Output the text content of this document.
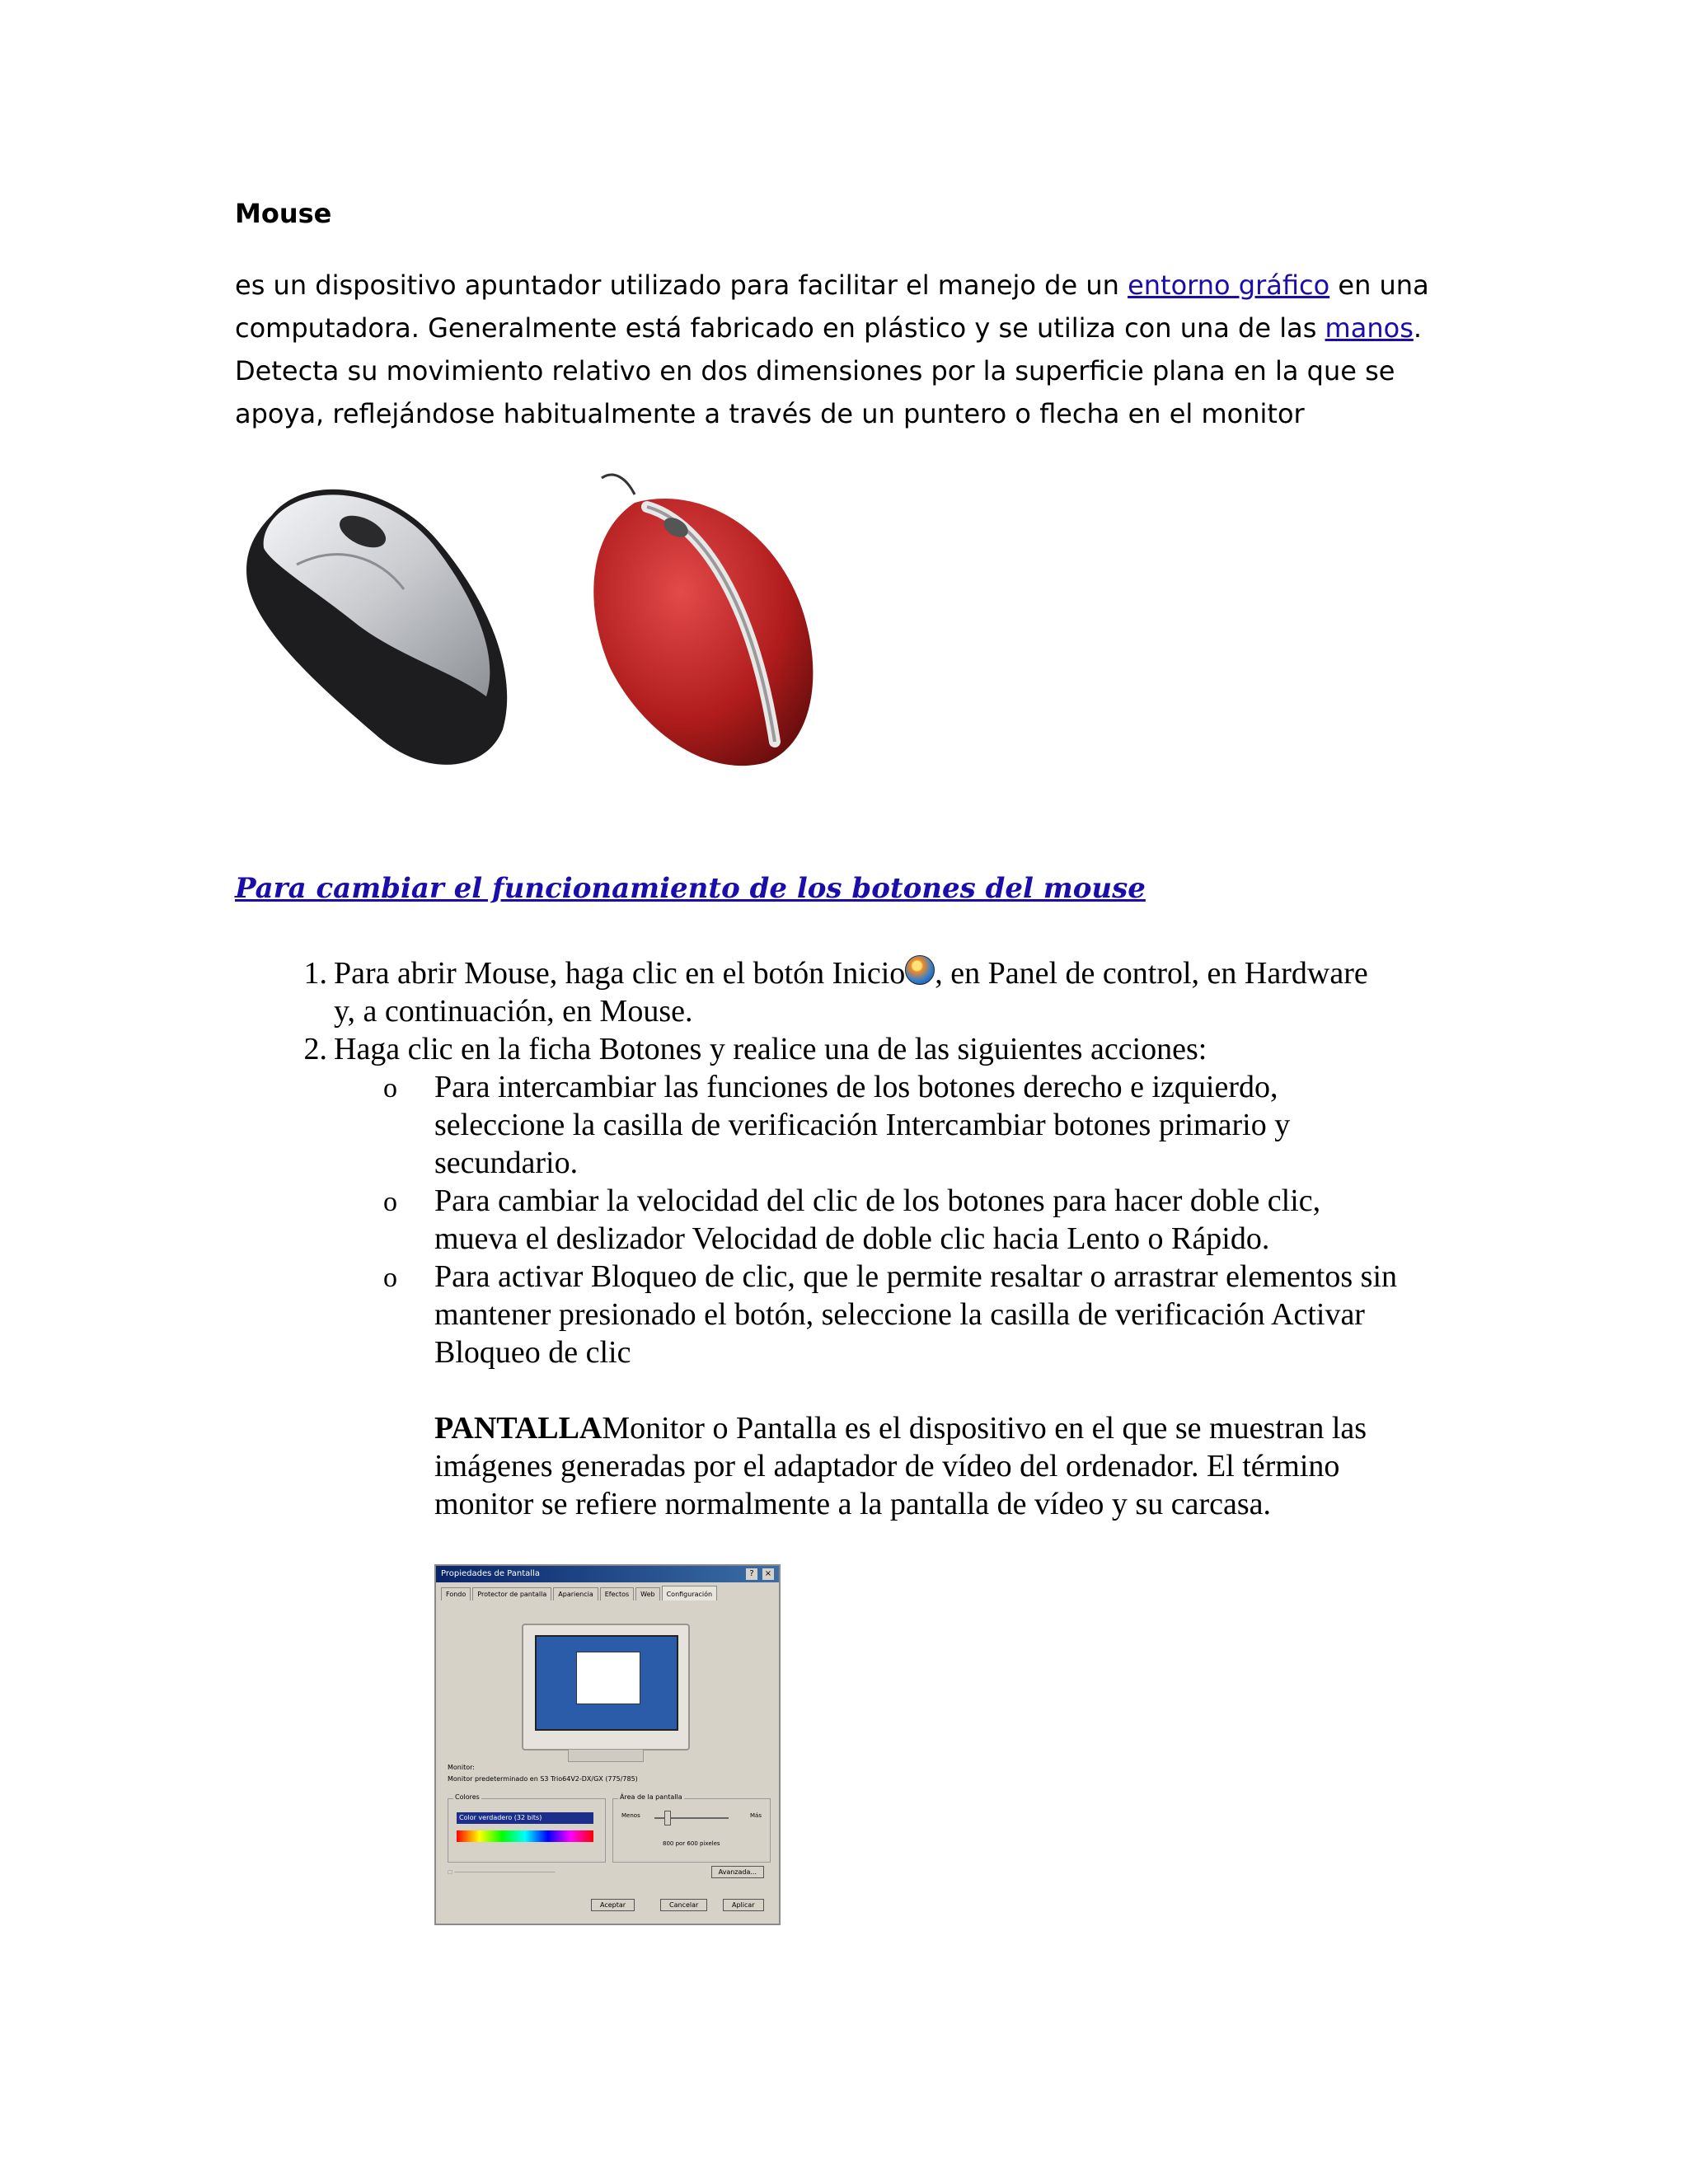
Mouse
es un dispositivo apuntador utilizado para facilitar el manejo de un entorno gráfico en una computadora. Generalmente está fabricado en plástico y se utiliza con una de las manos. Detecta su movimiento relativo en dos dimensiones por la superficie plana en la que se apoya, reflejándose habitualmente a través de un puntero o flecha en el monitor
Para cambiar el funcionamiento de los botones del mouse
1. Para abrir Mouse, haga clic en el botón Inicio , en Panel de control, en Hardware
y, a continuación, en Mouse.
2. Haga clic en la ficha Botones y realice una de las siguientes acciones:
o Para intercambiar las funciones de los botones derecho e izquierdo,
seleccione la casilla de verificación Intercambiar botones primario y
secundario.
o Para cambiar la velocidad del clic de los botones para hacer doble clic,
mueva el deslizador Velocidad de doble clic hacia Lento o Rápido.
o Para activar Bloqueo de clic, que le permite resaltar o arrastrar elementos sin
mantener presionado el botón, seleccione la casilla de verificación Activar
Bloqueo de clic
PANTALLAMonitor o Pantalla es el dispositivo en el que se muestran las
imágenes generadas por el adaptador de vídeo del ordenador. El término
monitor se refiere normalmente a la pantalla de vídeo y su carcasa.
Propiedades de Pantalla	?	×
Fondo	Protector de pantalla	Apariencia	Efectos	Web	Configuración
Monitor:
Monitor predeterminado en S3 Trio64V2-DX/GX (775/785)
Colores
Color verdadero (32 bits)
Área de la pantalla
Menos	Más
800 por 600 pixeles
☐ ─────────────────────────────	Avanzada...
Aceptar	Cancelar	Aplicar
